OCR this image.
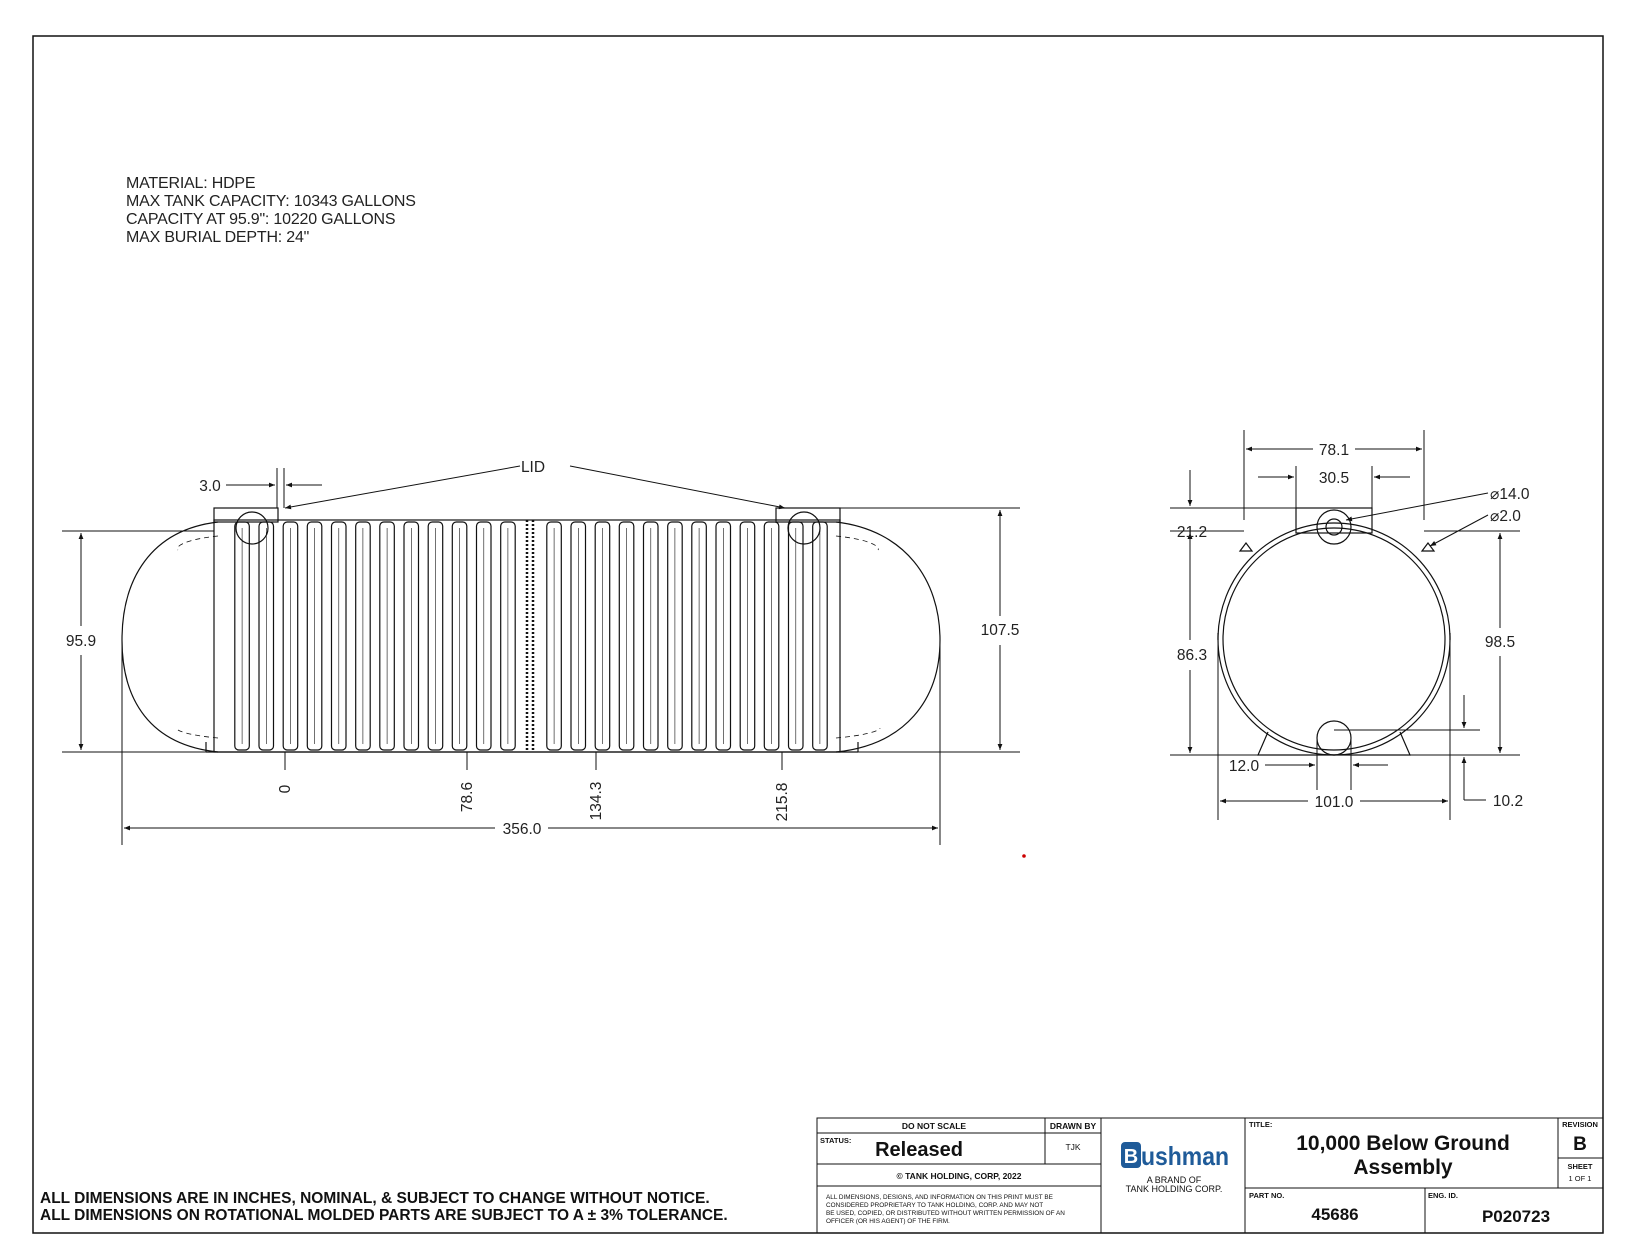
MATERIAL: HDPE
MAX TANK CAPACITY: 10343 GALLONS
CAPACITY AT 95.9": 10220 GALLONS
MAX BURIAL DEPTH: 24"
LID
3.0
95.9
107.5
356.0
0	78.6	134.3	215.8
78.1
30.5
⌀14.0
⌀2.0
21.2
86.3
98.5
12.0
101.0	10.2
DO NOT SCALE	DRAWN BY
TJK
STATUS: Released
© TANK HOLDING, CORP, 2022
ALL DIMENSIONS, DESIGNS, AND INFORMATION ON THIS PRINT MUST BE
CONSIDERED PROPRIETARY TO TANK HOLDING, CORP. AND MAY NOT
BE USED, COPIED, OR DISTRIBUTED WITHOUT WRITTEN PERMISSION OF AN
OFFICER (OR HIS AGENT) OF THE FIRM.
B ushman
A BRAND OF
TANK HOLDING CORP.
TITLE:
10,000 Below Ground
Assembly
REVISION
B
SHEET
1 OF 1
PART NO.
45686
ENG. ID.
P020723
ALL DIMENSIONS ARE IN INCHES, NOMINAL, & SUBJECT TO CHANGE WITHOUT NOTICE.
ALL DIMENSIONS ON ROTATIONAL MOLDED PARTS ARE SUBJECT TO A ± 3% TOLERANCE.
